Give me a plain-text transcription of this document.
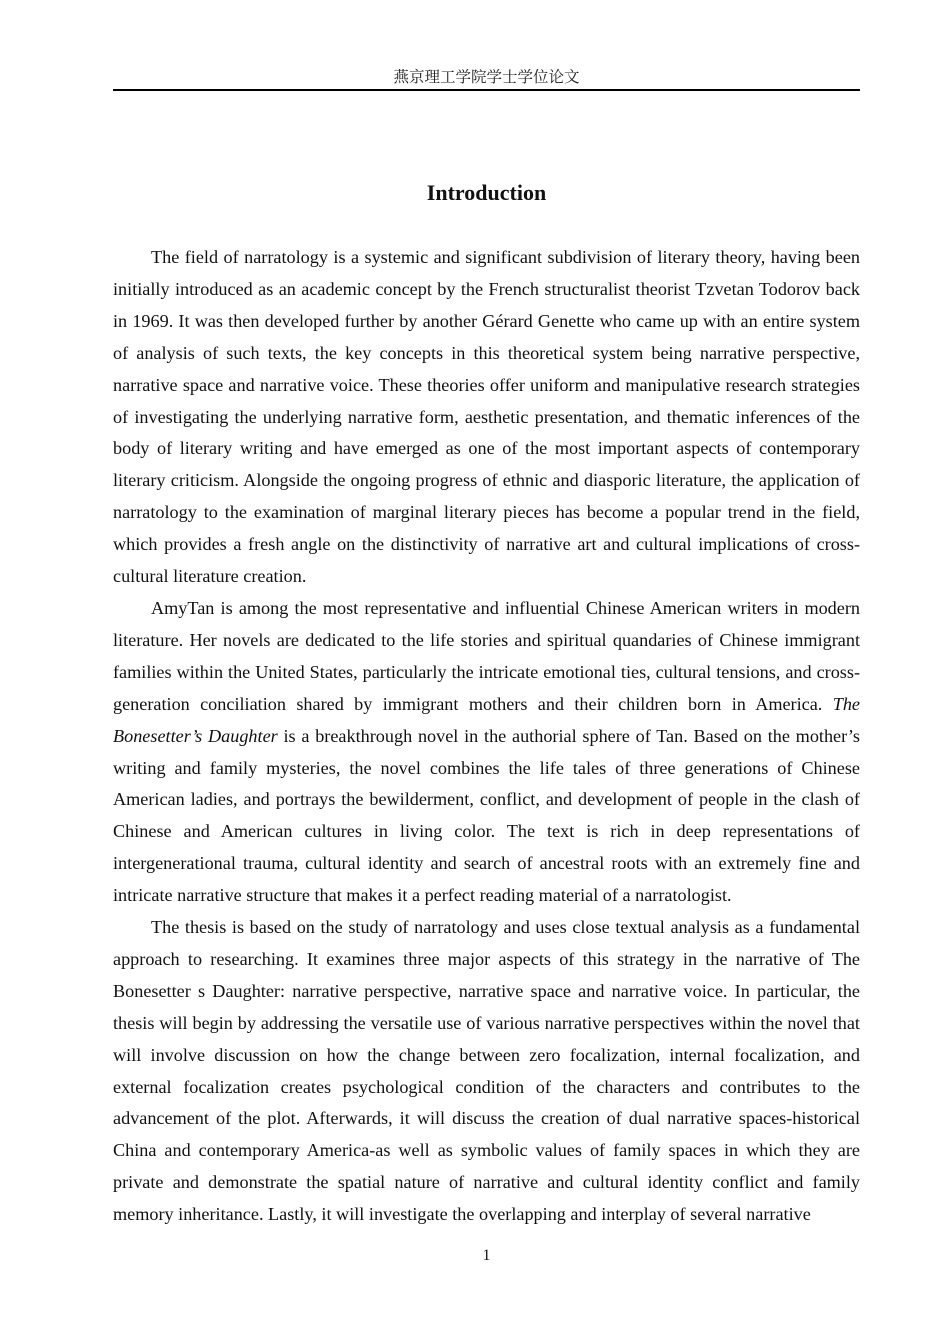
燕京理工学院学士学位论文
Introduction

The field of narratology is a systemic and significant subdivision of literary theory, having been initially introduced as an academic concept by the French structuralist theorist Tzvetan Todorov back in 1969. It was then developed further by another Gérard Genette who came up with an entire system of analysis of such texts, the key concepts in this theoretical system being narrative perspective, narrative space and narrative voice. These theories offer uniform and manipulative research strategies of investigating the underlying narrative form, aesthetic presentation, and thematic inferences of the body of literary writing and have emerged as one of the most important aspects of contemporary literary criticism. Alongside the ongoing progress of ethnic and diasporic literature, the application of narratology to the examination of marginal literary pieces has become a popular trend in the field, which provides a fresh angle on the distinctivity of narrative art and cultural implications of cross-cultural literature creation.

AmyTan is among the most representative and influential Chinese American writers in modern literature. Her novels are dedicated to the life stories and spiritual quandaries of Chinese immigrant families within the United States, particularly the intricate emotional ties, cultural tensions, and cross-generation conciliation shared by immigrant mothers and their children born in America. The Bonesetter’s Daughter is a breakthrough novel in the authorial sphere of Tan. Based on the mother’s writing and family mysteries, the novel combines the life tales of three generations of Chinese American ladies, and portrays the bewilderment, conflict, and development of people in the clash of Chinese and American cultures in living color. The text is rich in deep representations of intergenerational trauma, cultural identity and search of ancestral roots with an extremely fine and intricate narrative structure that makes it a perfect reading material of a narratologist.

The thesis is based on the study of narratology and uses close textual analysis as a fundamental approach to researching. It examines three major aspects of this strategy in the narrative of The Bonesetter s Daughter: narrative perspective, narrative space and narrative voice. In particular, the thesis will begin by addressing the versatile use of various narrative perspectives within the novel that will involve discussion on how the change between zero focalization, internal focalization, and external focalization creates psychological condition of the characters and contributes to the advancement of the plot. Afterwards, it will discuss the creation of dual narrative spaces-historical China and contemporary America-as well as symbolic values of family spaces in which they are private and demonstrate the spatial nature of narrative and cultural identity conflict and family memory inheritance. Lastly, it will investigate the overlapping and interplay of several narrative

1
